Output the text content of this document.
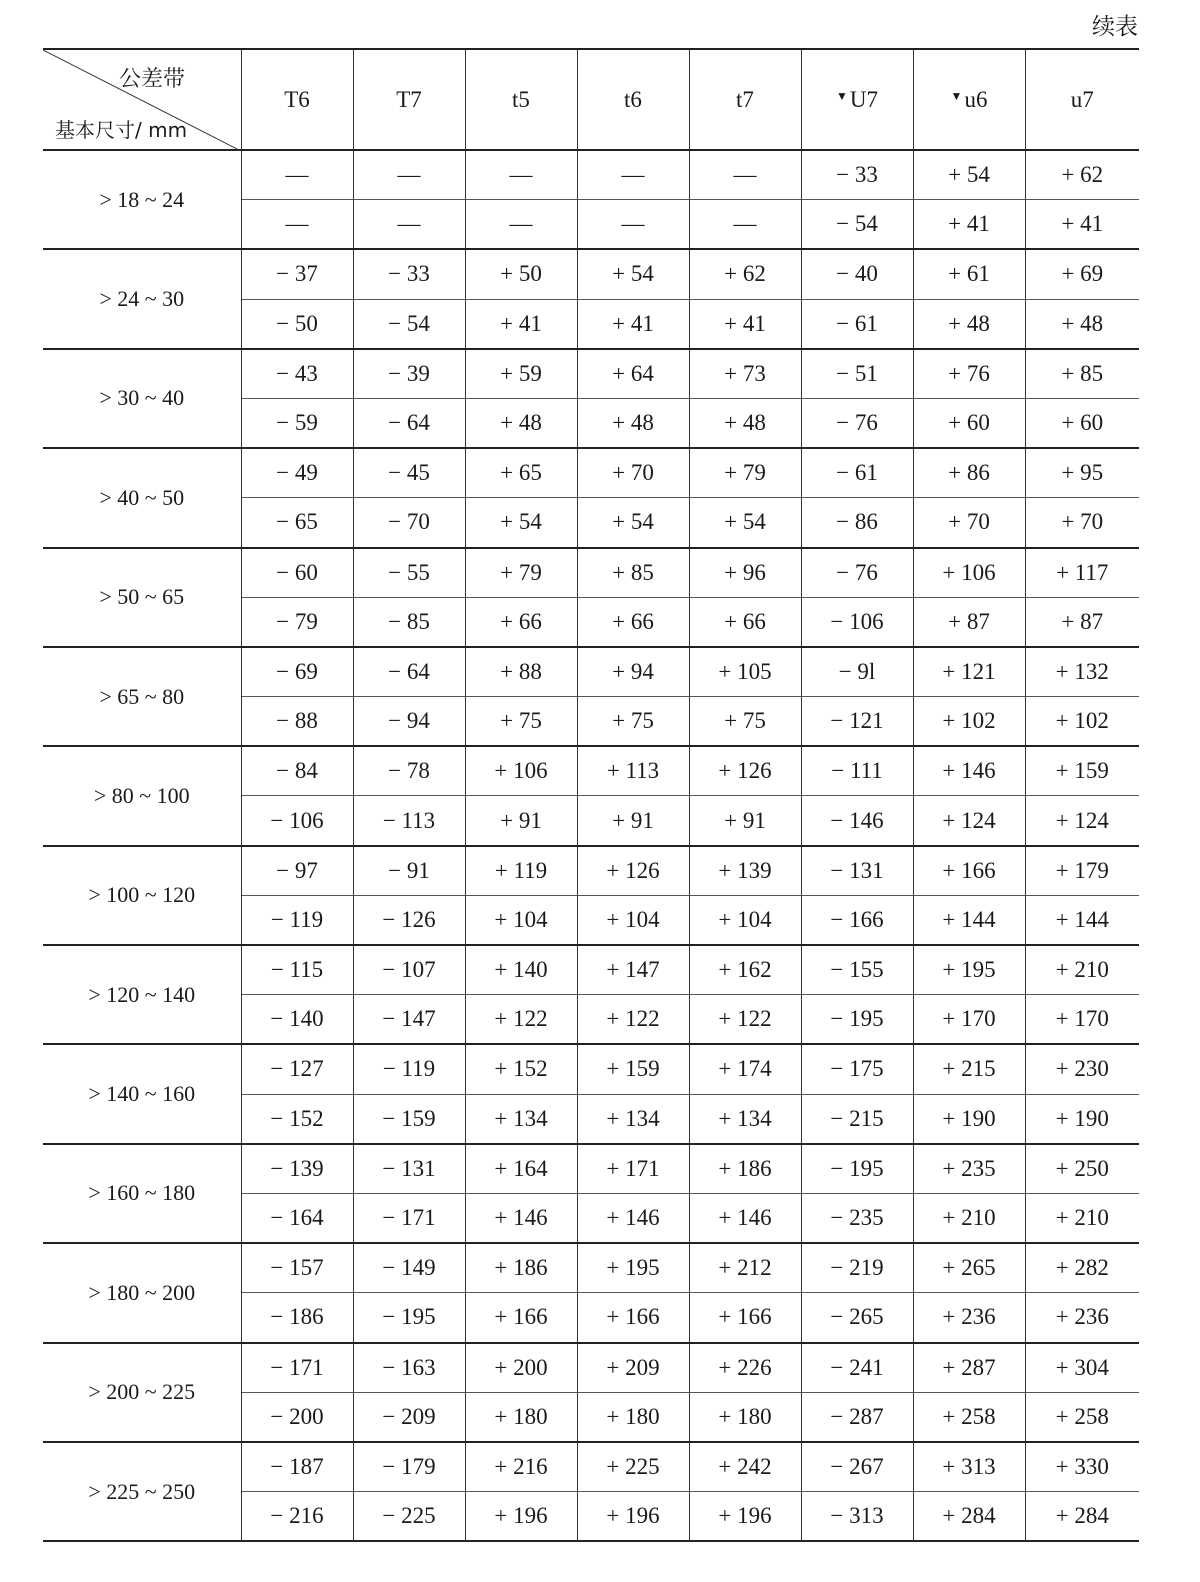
续表
公差带
基本尺寸/ mm	T6	T7	t5	t6	t7	▼U7	▼u6	u7
> 18 ~ 24	—	—	—	—	—	− 33	+ 54	+ 62
	—	—	—	—	—	− 54	+ 41	+ 41
> 24 ~ 30	− 37	− 33	+ 50	+ 54	+ 62	− 40	+ 61	+ 69
	− 50	− 54	+ 41	+ 41	+ 41	− 61	+ 48	+ 48
> 30 ~ 40	− 43	− 39	+ 59	+ 64	+ 73	− 51	+ 76	+ 85
	− 59	− 64	+ 48	+ 48	+ 48	− 76	+ 60	+ 60
> 40 ~ 50	− 49	− 45	+ 65	+ 70	+ 79	− 61	+ 86	+ 95
	− 65	− 70	+ 54	+ 54	+ 54	− 86	+ 70	+ 70
> 50 ~ 65	− 60	− 55	+ 79	+ 85	+ 96	− 76	+ 106	+ 117
	− 79	− 85	+ 66	+ 66	+ 66	− 106	+ 87	+ 87
> 65 ~ 80	− 69	− 64	+ 88	+ 94	+ 105	− 9l	+ 121	+ 132
	− 88	− 94	+ 75	+ 75	+ 75	− 121	+ 102	+ 102
> 80 ~ 100	− 84	− 78	+ 106	+ 113	+ 126	− 111	+ 146	+ 159
	− 106	− 113	+ 91	+ 91	+ 91	− 146	+ 124	+ 124
> 100 ~ 120	− 97	− 91	+ 119	+ 126	+ 139	− 131	+ 166	+ 179
	− 119	− 126	+ 104	+ 104	+ 104	− 166	+ 144	+ 144
> 120 ~ 140	− 115	− 107	+ 140	+ 147	+ 162	− 155	+ 195	+ 210
	− 140	− 147	+ 122	+ 122	+ 122	− 195	+ 170	+ 170
> 140 ~ 160	− 127	− 119	+ 152	+ 159	+ 174	− 175	+ 215	+ 230
	− 152	− 159	+ 134	+ 134	+ 134	− 215	+ 190	+ 190
> 160 ~ 180	− 139	− 131	+ 164	+ 171	+ 186	− 195	+ 235	+ 250
	− 164	− 171	+ 146	+ 146	+ 146	− 235	+ 210	+ 210
> 180 ~ 200	− 157	− 149	+ 186	+ 195	+ 212	− 219	+ 265	+ 282
	− 186	− 195	+ 166	+ 166	+ 166	− 265	+ 236	+ 236
> 200 ~ 225	− 171	− 163	+ 200	+ 209	+ 226	− 241	+ 287	+ 304
	− 200	− 209	+ 180	+ 180	+ 180	− 287	+ 258	+ 258
> 225 ~ 250	− 187	− 179	+ 216	+ 225	+ 242	− 267	+ 313	+ 330
	− 216	− 225	+ 196	+ 196	+ 196	− 313	+ 284	+ 284
